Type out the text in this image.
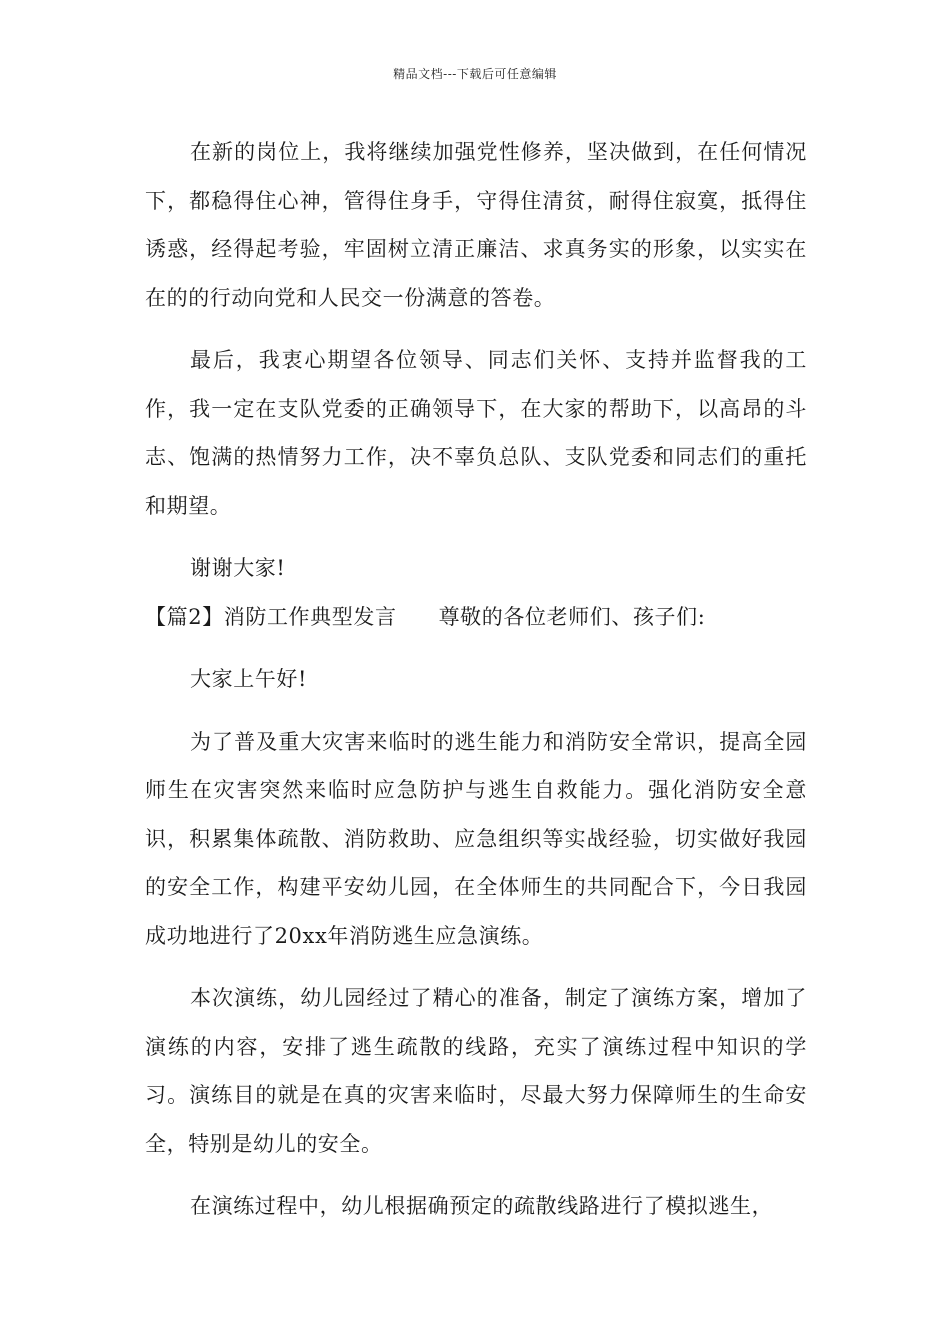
精品文档---下载后可任意编辑

在新的岗位上，我将继续加强党性修养，坚决做到，在任何情况下，都稳得住心神，管得住身手，守得住清贫，耐得住寂寞，抵得住诱惑，经得起考验，牢固树立清正廉洁、求真务实的形象，以实实在在的的行动向党和人民交一份满意的答卷。

最后，我衷心期望各位领导、同志们关怀、支持并监督我的工作，我一定在支队党委的正确领导下，在大家的帮助下，以高昂的斗志、饱满的热情努力工作，决不辜负总队、支队党委和同志们的重托和期望。

谢谢大家!

【篇2】消防工作典型发言 尊敬的各位老师们、孩子们:

大家上午好!

为了普及重大灾害来临时的逃生能力和消防安全常识，提高全园师生在灾害突然来临时应急防护与逃生自救能力。强化消防安全意识，积累集体疏散、消防救助、应急组织等实战经验，切实做好我园的安全工作，构建平安幼儿园，在全体师生的共同配合下，今日我园成功地进行了20xx年消防逃生应急演练。

本次演练，幼儿园经过了精心的准备，制定了演练方案，增加了演练的内容，安排了逃生疏散的线路，充实了演练过程中知识的学习。演练目的就是在真的灾害来临时，尽最大努力保障师生的生命安全，特别是幼儿的安全。

在演练过程中，幼儿根据确预定的疏散线路进行了模拟逃生，
